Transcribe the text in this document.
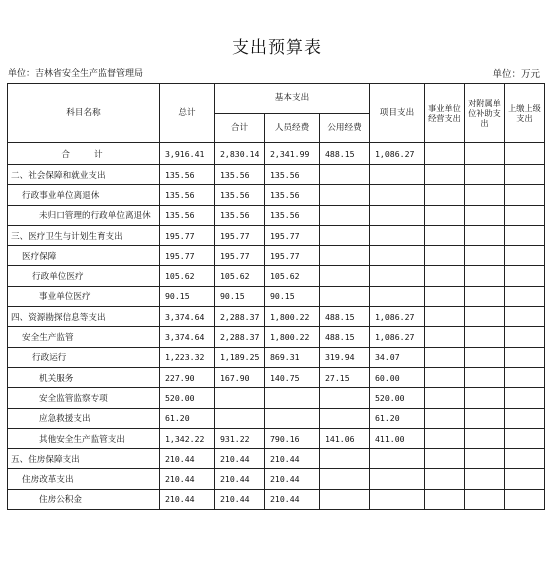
支出预算表
单位：吉林省安全生产监督管理局	单位：万元
科目名称	总计	基本支出			项目支出	事业单位经营支出	对附属单位补助支出	上缴上级支出
		合计	人员经费	公用经费				
合计	3,916.41	2,830.14	2,341.99	488.15	1,086.27			
二、社会保障和就业支出	135.56	135.56	135.56					
行政事业单位离退休	135.56	135.56	135.56					
未归口管理的行政单位离退休	135.56	135.56	135.56					
三、医疗卫生与计划生育支出	195.77	195.77	195.77					
医疗保障	195.77	195.77	195.77					
行政单位医疗	105.62	105.62	105.62					
事业单位医疗	90.15	90.15	90.15					
四、资源勘探信息等支出	3,374.64	2,288.37	1,800.22	488.15	1,086.27			
安全生产监管	3,374.64	2,288.37	1,800.22	488.15	1,086.27			
行政运行	1,223.32	1,189.25	869.31	319.94	34.07			
机关服务	227.90	167.90	140.75	27.15	60.00			
安全监管监察专项	520.00				520.00			
应急救援支出	61.20				61.20			
其他安全生产监管支出	1,342.22	931.22	790.16	141.06	411.00			
五、住房保障支出	210.44	210.44	210.44					
住房改革支出	210.44	210.44	210.44					
住房公积金	210.44	210.44	210.44					
